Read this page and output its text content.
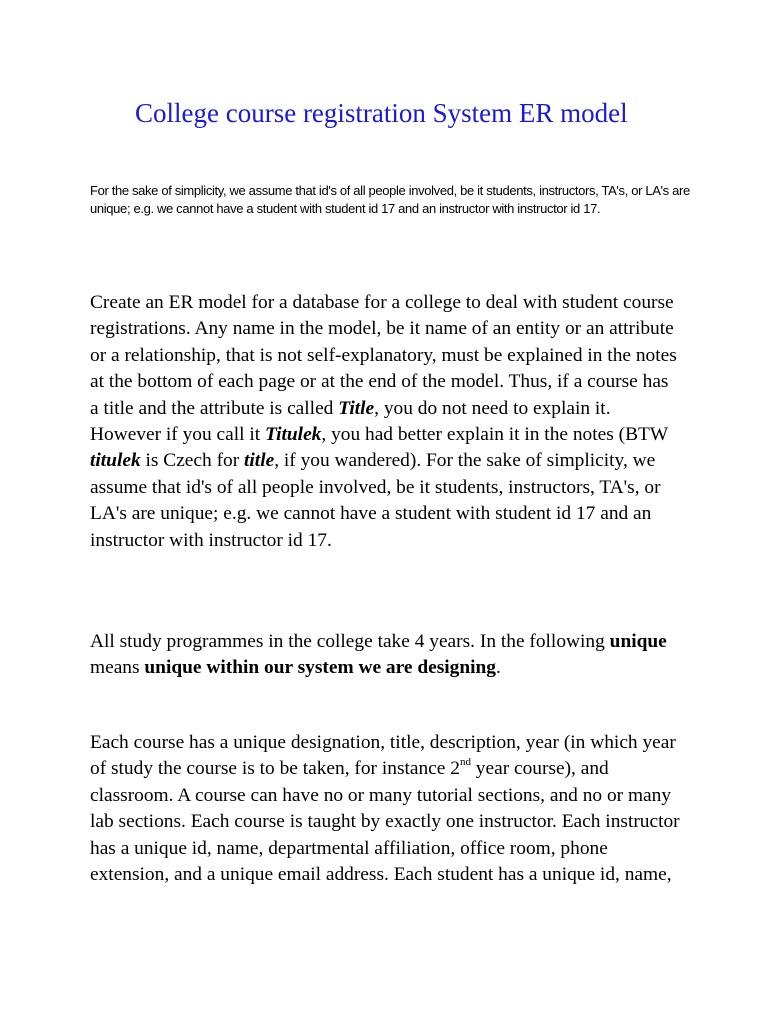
College course registration System ER model

For the sake of simplicity, we assume that id's of all people involved, be it students, instructors, TA's, or LA's are unique; e.g. we cannot have a student with student id 17 and an instructor with instructor id 17.

Create an ER model for a database for a college to deal with student course registrations. Any name in the model, be it name of an entity or an attribute or a relationship, that is not self-explanatory, must be explained in the notes at the bottom of each page or at the end of the model. Thus, if a course has a title and the attribute is called Title, you do not need to explain it. However if you call it Titulek, you had better explain it in the notes (BTW titulek is Czech for title, if you wandered). For the sake of simplicity, we assume that id's of all people involved, be it students, instructors, TA's, or LA's are unique; e.g. we cannot have a student with student id 17 and an instructor with instructor id 17.

All study programmes in the college take 4 years. In the following unique means unique within our system we are designing.

Each course has a unique designation, title, description, year (in which year of study the course is to be taken, for instance 2nd year course), and classroom. A course can have no or many tutorial sections, and no or many lab sections. Each course is taught by exactly one instructor. Each instructor has a unique id, name, departmental affiliation, office room, phone extension, and a unique email address. Each student has a unique id, name,
